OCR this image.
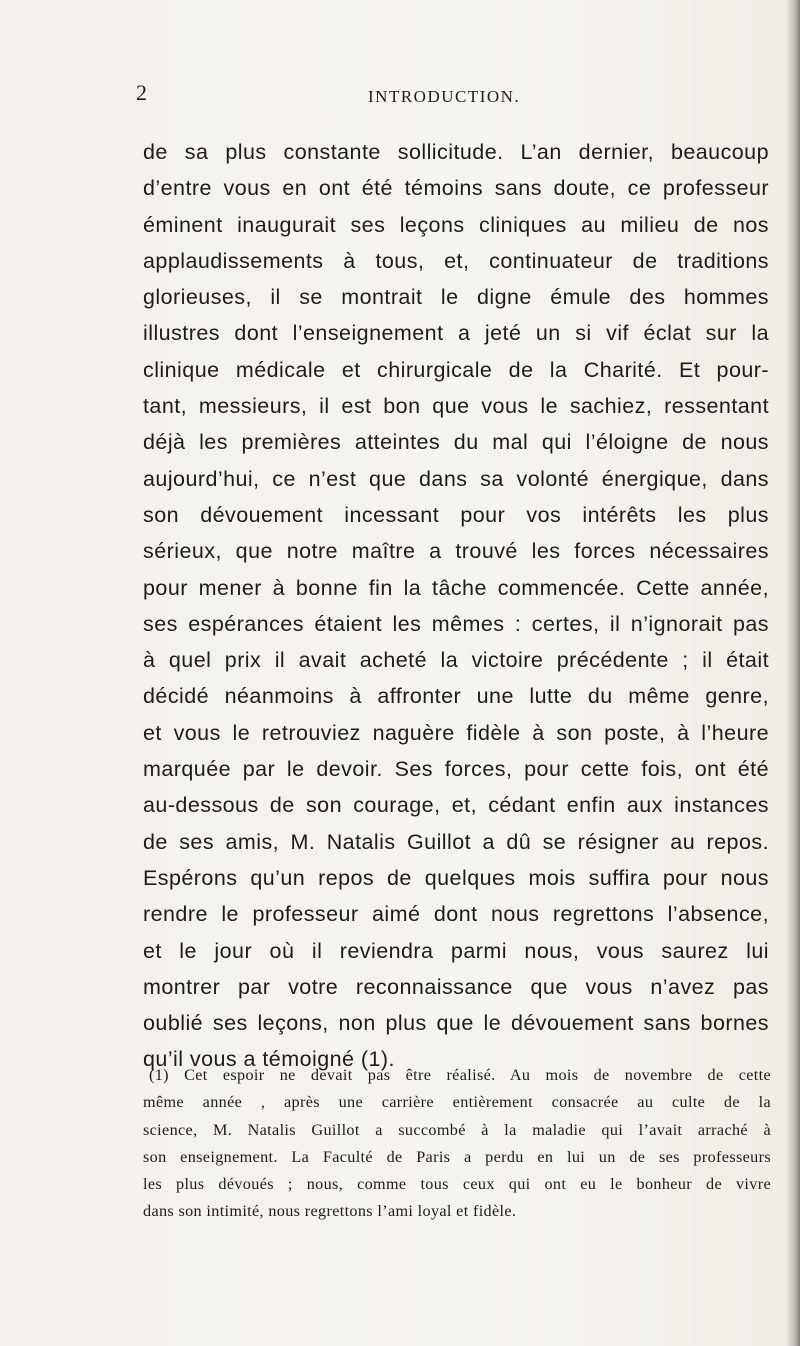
2	INTRODUCTION.
de sa plus constante sollicitude. L’an dernier, beaucoup
d’entre vous en ont été témoins sans doute, ce professeur
éminent inaugurait ses leçons cliniques au milieu de nos
applaudissements à tous, et, continuateur de traditions
glorieuses, il se montrait le digne émule des hommes
illustres dont l’enseignement a jeté un si vif éclat sur la
clinique médicale et chirurgicale de la Charité. Et pour-
tant, messieurs, il est bon que vous le sachiez, ressentant
déjà les premières atteintes du mal qui l’éloigne de nous
aujourd’hui, ce n’est que dans sa volonté énergique, dans
son dévouement incessant pour vos intérêts les plus
sérieux, que notre maître a trouvé les forces nécessaires
pour mener à bonne fin la tâche commencée. Cette année,
ses espérances étaient les mêmes : certes, il n’ignorait pas
à quel prix il avait acheté la victoire précédente ; il était
décidé néanmoins à affronter une lutte du même genre,
et vous le retrouviez naguère fidèle à son poste, à l’heure
marquée par le devoir. Ses forces, pour cette fois, ont été
au-dessous de son courage, et, cédant enfin aux instances
de ses amis, M. Natalis Guillot a dû se résigner au repos.
Espérons qu’un repos de quelques mois suffira pour nous
rendre le professeur aimé dont nous regrettons l’absence,
et le jour où il reviendra parmi nous, vous saurez lui
montrer par votre reconnaissance que vous n’avez pas
oublié ses leçons, non plus que le dévouement sans bornes
qu’il vous a témoigné (1).
(1) Cet espoir ne devait pas être réalisé. Au mois de novembre de cette
même année , après une carrière entièrement consacrée au culte de la
science, M. Natalis Guillot a succombé à la maladie qui l’avait arraché à
son enseignement. La Faculté de Paris a perdu en lui un de ses professeurs
les plus dévoués ; nous, comme tous ceux qui ont eu le bonheur de vivre
dans son intimité, nous regrettons l’ami loyal et fidèle.
